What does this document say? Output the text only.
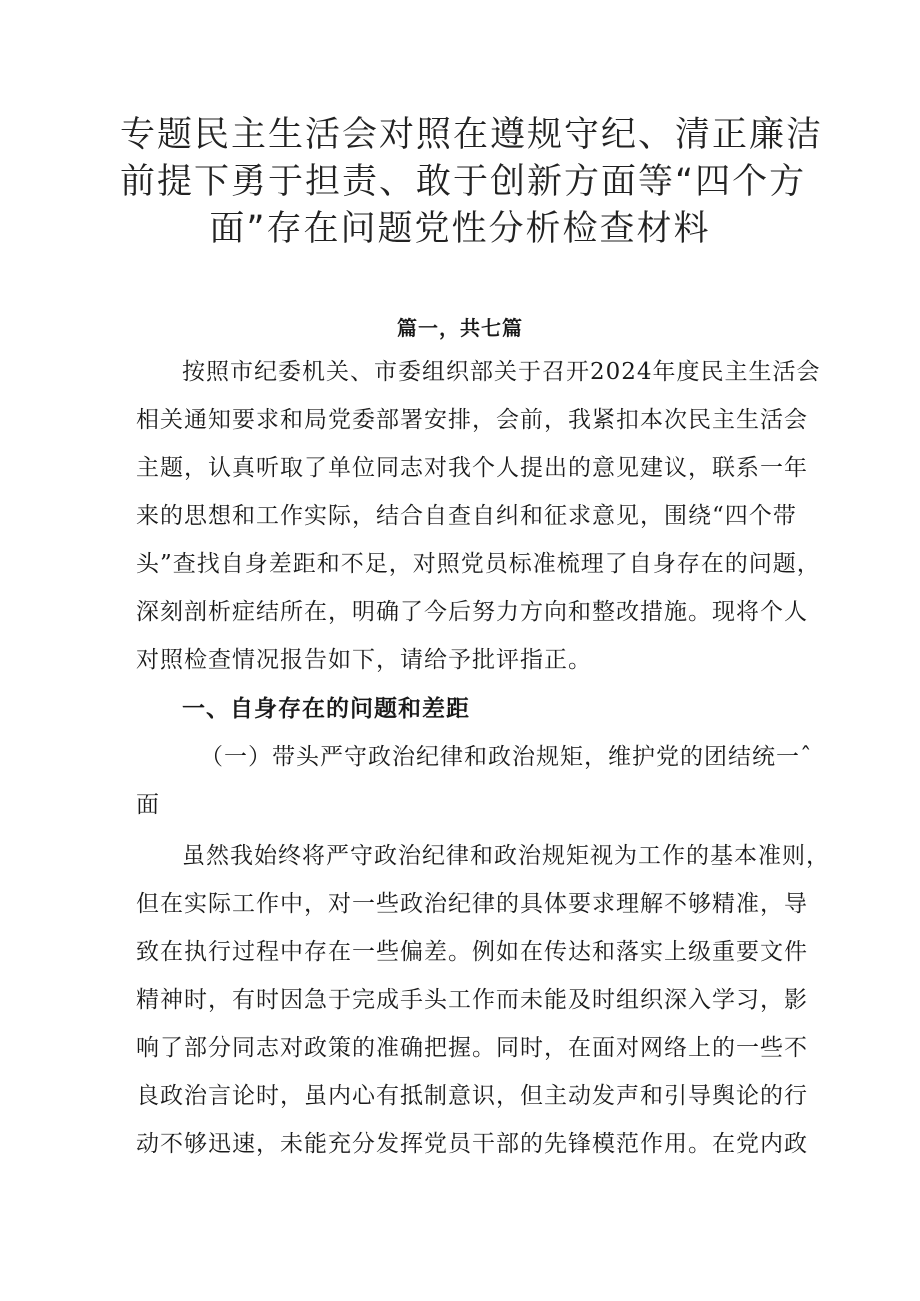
专题民主生活会对照在遵规守纪、清正廉洁
前提下勇于担责、敢于创新方面等“四个方
面”存在问题党性分析检查材料
篇一，共七篇
按照市纪委机关、市委组织部关于召开2024年度民主生活会
相关通知要求和局党委部署安排，会前，我紧扣本次民主生活会
主题，认真听取了单位同志对我个人提出的意见建议，联系一年
来的思想和工作实际，结合自查自纠和征求意见，围绕“四个带
头”查找自身差距和不足，对照党员标准梳理了自身存在的问题，
深刻剖析症结所在，明确了今后努力方向和整改措施。现将个人
对照检查情况报告如下，请给予批评指正。
一、自身存在的问题和差距
（一）带头严守政治纪律和政治规矩，维护党的团结统一ˆ
面
虽然我始终将严守政治纪律和政治规矩视为工作的基本准则，
但在实际工作中，对一些政治纪律的具体要求理解不够精准，导
致在执行过程中存在一些偏差。例如在传达和落实上级重要文件
精神时，有时因急于完成手头工作而未能及时组织深入学习，影
响了部分同志对政策的准确把握。同时，在面对网络上的一些不
良政治言论时，虽内心有抵制意识，但主动发声和引导舆论的行
动不够迅速，未能充分发挥党员干部的先锋模范作用。在党内政
